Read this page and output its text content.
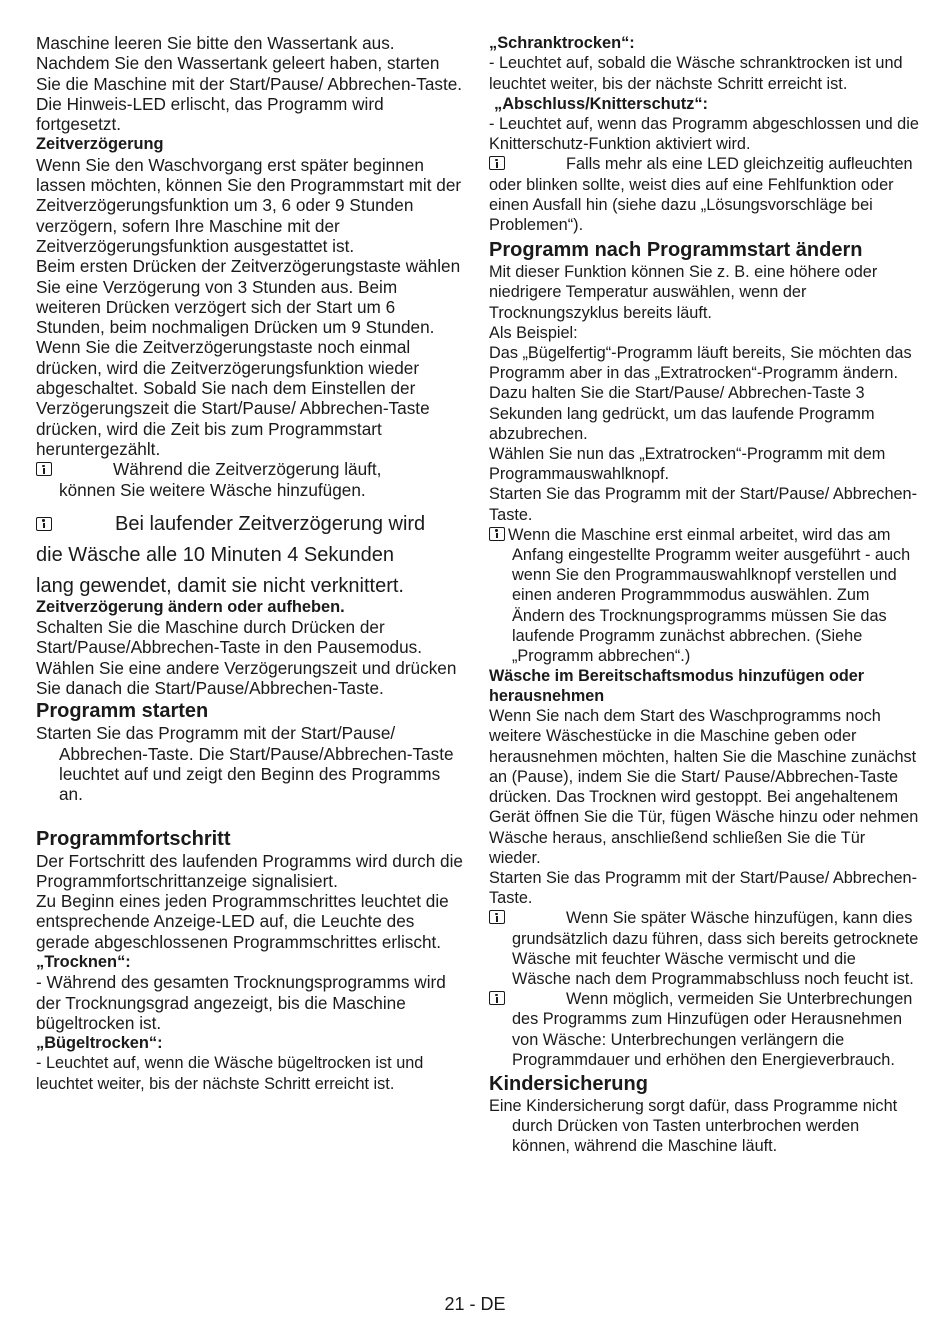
Maschine leeren Sie bitte den Wassertank aus. Nachdem Sie den Wassertank geleert haben, starten Sie die Maschine mit der Start/Pause/ Abbrechen-Taste. Die Hinweis-LED erlischt, das Programm wird fortgesetzt.

Zeitverzögerung

Wenn Sie den Waschvorgang erst später beginnen lassen möchten, können Sie den Programmstart mit der Zeitverzögerungsfunktion um 3, 6 oder 9 Stunden verzögern, sofern Ihre Maschine mit der Zeitverzögerungsfunktion ausgestattet ist.

Beim ersten Drücken der Zeitverzögerungstaste wählen Sie eine Verzögerung von 3 Stunden aus. Beim weiteren Drücken verzögert sich der Start um 6 Stunden, beim nochmaligen Drücken um 9 Stunden. Wenn Sie die Zeitverzögerungstaste noch einmal drücken, wird die Zeitverzögerungsfunktion wieder abgeschaltet. Sobald Sie nach dem Einstellen der Verzögerungszeit die Start/Pause/ Abbrechen-Taste drücken, wird die Zeit bis zum Programmstart heruntergezählt.

Während die Zeitverzögerung läuft,
können Sie weitere Wäsche hinzufügen.
Bei laufender Zeitverzögerung wird
die Wäsche alle 10 Minuten 4 Sekunden
lang gewendet, damit sie nicht verknittert.
Zeitverzögerung ändern oder aufheben.

Schalten Sie die Maschine durch Drücken der Start/Pause/Abbrechen-Taste in den Pausemodus. Wählen Sie eine andere Verzögerungszeit und drücken Sie danach die Start/Pause/Abbrechen-Taste.

Programm starten

Starten Sie das Programm mit der Start/Pause/ Abbrechen-Taste. Die Start/Pause/Abbrechen-Taste leuchtet auf und zeigt den Beginn des Programms an.

Programmfortschritt

Der Fortschritt des laufenden Programms wird durch die Programmfortschrittanzeige signalisiert.

Zu Beginn eines jeden Programmschrittes leuchtet die entsprechende Anzeige-LED auf, die Leuchte des gerade abgeschlossenen Programmschrittes erlischt.

„Trocknen“:

- Während des gesamten Trocknungsprogramms wird der Trocknungsgrad angezeigt, bis die Maschine bügeltrocken ist.

„Bügeltrocken“:

- Leuchtet auf, wenn die Wäsche bügeltrocken ist und leuchtet weiter, bis der nächste Schritt erreicht ist.

„Schranktrocken“:

- Leuchtet auf, sobald die Wäsche schranktrocken ist und leuchtet weiter, bis der nächste Schritt erreicht ist.

„Abschluss/Knitterschutz“:

- Leuchtet auf, wenn das Programm abgeschlossen und die Knitterschutz-Funktion aktiviert wird.

Falls mehr als eine LED gleichzeitig aufleuchten oder blinken sollte, weist dies auf eine Fehlfunktion oder einen Ausfall hin (siehe dazu „Lösungsvorschläge bei Problemen“).

Programm nach Programmstart ändern

Mit dieser Funktion können Sie z. B. eine höhere oder niedrigere Temperatur auswählen, wenn der Trocknungszyklus bereits läuft.

Als Beispiel:

Das „Bügelfertig“-Programm läuft bereits, Sie möchten das Programm aber in das „Extratrocken“-Programm ändern. Dazu halten Sie die Start/Pause/ Abbrechen-Taste 3 Sekunden lang gedrückt, um das laufende Programm abzubrechen.

Wählen Sie nun das „Extratrocken“-Programm mit dem Programmauswahlknopf.

Starten Sie das Programm mit der Start/Pause/ Abbrechen-Taste.

Wenn die Maschine erst einmal arbeitet, wird das am Anfang eingestellte Programm weiter ausgeführt - auch wenn Sie den Programmauswahlknopf verstellen und einen anderen Programmmodus auswählen. Zum Ändern des Trocknungsprogramms müssen Sie das laufende Programm zunächst abbrechen. (Siehe „Programm abbrechen“.)

Wäsche im Bereitschaftsmodus hinzufügen oder herausnehmen

Wenn Sie nach dem Start des Waschprogramms noch weitere Wäschestücke in die Maschine geben oder herausnehmen möchten, halten Sie die Maschine zunächst an (Pause), indem Sie die Start/ Pause/Abbrechen-Taste drücken. Das Trocknen wird gestoppt. Bei angehaltenem Gerät öffnen Sie die Tür, fügen Wäsche hinzu oder nehmen Wäsche heraus, anschließend schließen Sie die Tür wieder.

Starten Sie das Programm mit der Start/Pause/ Abbrechen-Taste.

Wenn Sie später Wäsche hinzufügen, kann dies grundsätzlich dazu führen, dass sich bereits getrocknete Wäsche mit feuchter Wäsche vermischt und die Wäsche nach dem Programmabschluss noch feucht ist.

Wenn möglich, vermeiden Sie Unterbrechungen des Programms zum Hinzufügen oder Herausnehmen von Wäsche: Unterbrechungen verlängern die Programmdauer und erhöhen den Energieverbrauch.

Kindersicherung

Eine Kindersicherung sorgt dafür, dass Programme nicht durch Drücken von Tasten unterbrochen werden können, während die Maschine läuft.

21 - DE
